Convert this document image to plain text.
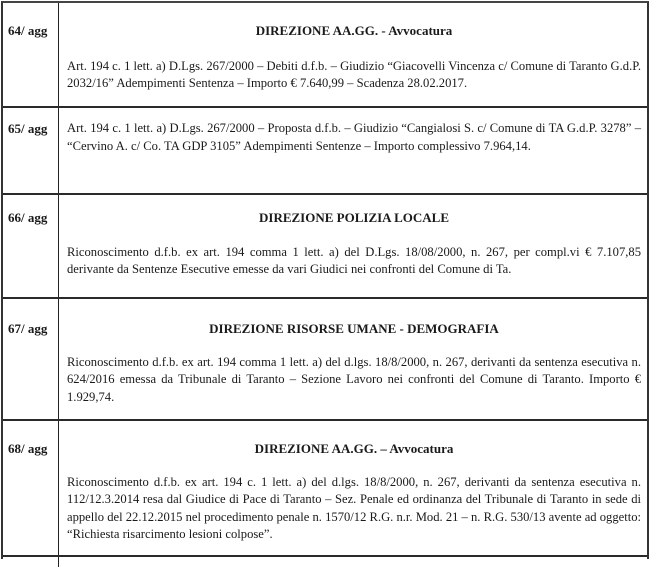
64/ agg	DIREZIONE AA.GG. - Avvocatura
Art. 194 c. 1 lett. a) D.Lgs. 267/2000 – Debiti d.f.b. – Giudizio “Giacovelli Vincenza c/ Comune di Taranto G.d.P. 2032/16” Adempimenti Sentenza – Importo € 7.640,99 – Scadenza 28.02.2017.
65/ agg	Art. 194 c. 1 lett. a) D.Lgs. 267/2000 – Proposta d.f.b. – Giudizio “Cangialosi S. c/ Comune di TA G.d.P. 3278” – “Cervino A. c/ Co. TA GDP 3105” Adempimenti Sentenze – Importo complessivo 7.964,14.
66/ agg	DIREZIONE POLIZIA LOCALE
Riconoscimento d.f.b. ex art. 194 comma 1 lett. a) del D.Lgs. 18/08/2000, n. 267, per compl.vi € 7.107,85 derivante da Sentenze Esecutive emesse da vari Giudici nei confronti del Comune di Ta.
67/ agg	DIREZIONE RISORSE UMANE - DEMOGRAFIA
Riconoscimento d.f.b. ex art. 194 comma 1 lett. a) del d.lgs. 18/8/2000, n. 267, derivanti da sentenza esecutiva n. 624/2016 emessa da Tribunale di Taranto – Sezione Lavoro nei confronti del Comune di Taranto. Importo € 1.929,74.
68/ agg	DIREZIONE AA.GG. – Avvocatura
Riconoscimento d.f.b. ex art. 194 c. 1 lett. a) del d.lgs. 18/8/2000, n. 267, derivanti da sentenza esecutiva n. 112/12.3.2014 resa dal Giudice di Pace di Taranto – Sez. Penale ed ordinanza del Tribunale di Taranto in sede di appello del 22.12.2015 nel procedimento penale n. 1570/12 R.G. n.r. Mod. 21 – n. R.G. 530/13 avente ad oggetto: “Richiesta risarcimento lesioni colpose”.
